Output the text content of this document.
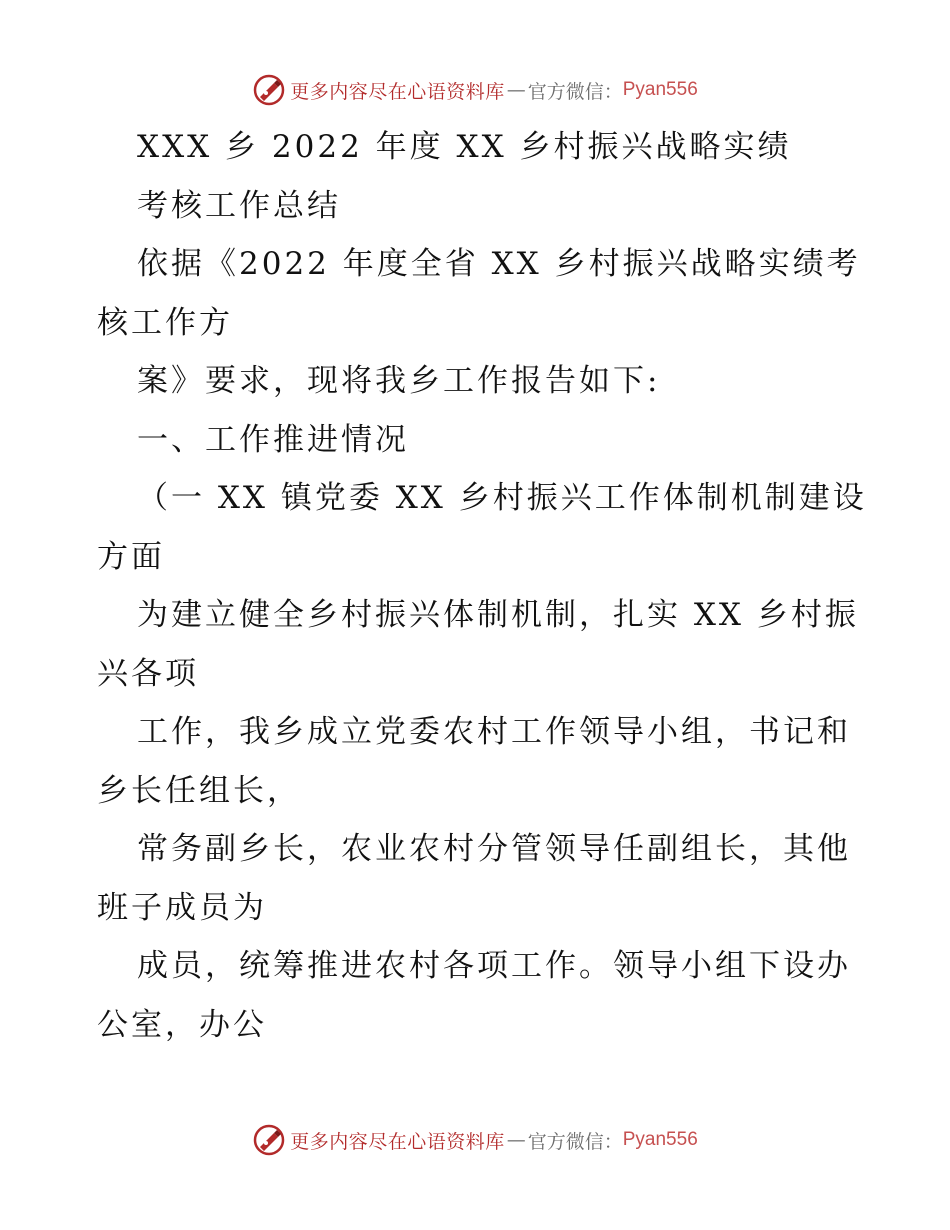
更多内容尽在心语资料库 — 官方微信： Pyan556
XXX 乡 2022 年度 XX 乡村振兴战略实绩
考核工作总结
依据《2022 年度全省 XX 乡村振兴战略实绩考
核工作方
案》要求，现将我乡工作报告如下:
一、工作推进情况
（一 XX 镇党委 XX 乡村振兴工作体制机制建设
方面
为建立健全乡村振兴体制机制，扎实 XX 乡村振
兴各项
工作，我乡成立党委农村工作领导小组，书记和
乡长任组长，
常务副乡长，农业农村分管领导任副组长，其他
班子成员为
成员，统筹推进农村各项工作。领导小组下设办
公室，办公
更多内容尽在心语资料库 — 官方微信： Pyan556
